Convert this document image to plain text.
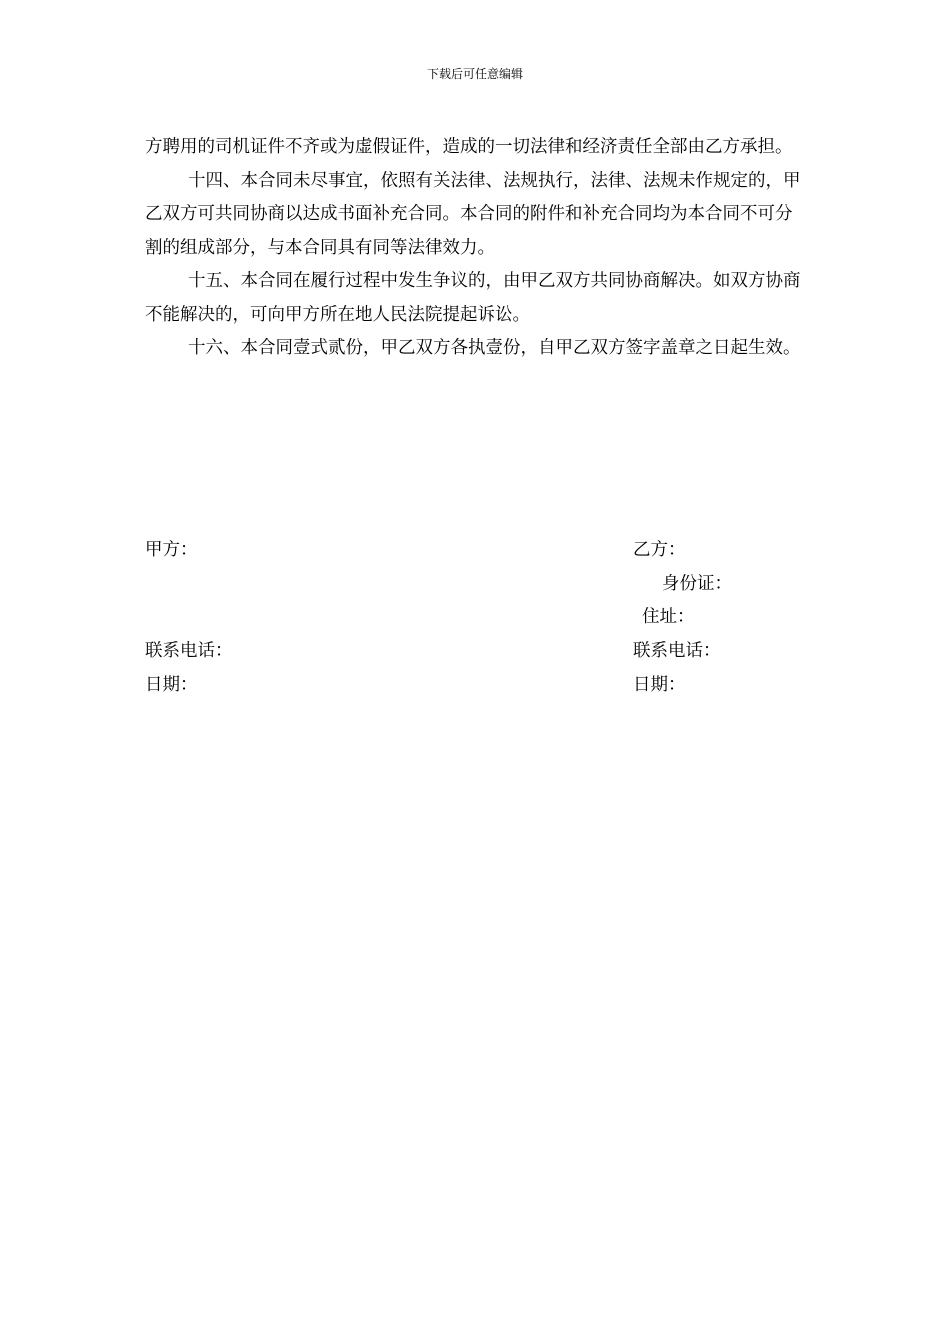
下载后可任意编辑

方聘用的司机证件不齐或为虚假证件，造成的一切法律和经济责任全部由乙方承担。

十四、本合同未尽事宜，依照有关法律、法规执行，法律、法规未作规定的，甲乙双方可共同协商以达成书面补充合同。本合同的附件和补充合同均为本合同不可分割的组成部分，与本合同具有同等法律效力。

十五、本合同在履行过程中发生争议的，由甲乙双方共同协商解决。如双方协商不能解决的，可向甲方所在地人民法院提起诉讼。

十六、本合同壹式贰份，甲乙双方各执壹份，自甲乙双方签字盖章之日起生效。

甲方：
联系电话：
日期：
乙方：
身份证：
住址：
联系电话：
日期：
